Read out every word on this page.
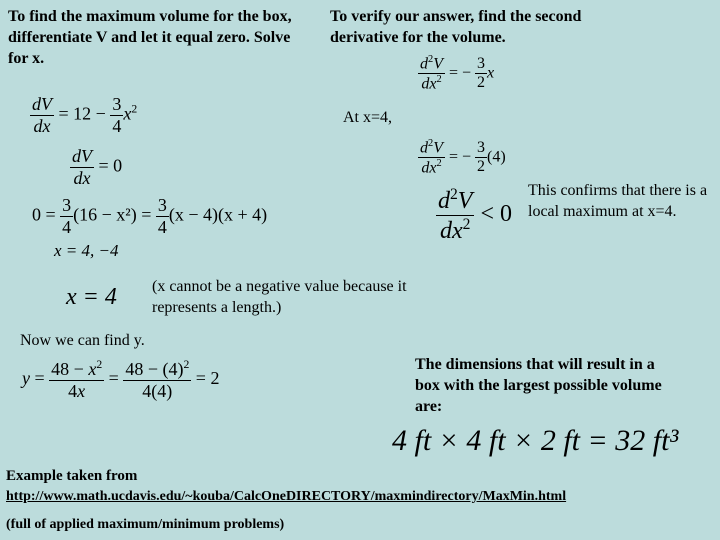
To find the maximum volume for the box, differentiate V and let it equal zero. Solve for x.
To verify our answer, find the second derivative for the volume.
At x=4,
This confirms that there is a local maximum at x=4.
(x cannot be a negative value because it represents a length.)
Now we can find y.
The dimensions that will result in a box with the largest possible volume are:
Example taken from
http://www.math.ucdavis.edu/~kouba/CalcOneDIRECTORY/maxmindirectory/MaxMin.html
(full of applied maximum/minimum problems)
$\frac{dV}{dx} = 12 - \frac{3}{4} x^2$
$\frac{dV}{dx} = 0$
$0 = \frac{3}{4} (16 - x^2) = \frac{3}{4} (x - 4)(x + 4)$
x = 4, −4
x = 4
$\frac{d^2V}{dx^2}$ = − $\frac{3}{2}$ x
$\frac{d^2V}{dx^2}$ = − $\frac{3}{2} (4)$
$\frac{d^2V}{dx^2} < 0$
$y = \frac{48 - x^2}{4x} = \frac{48 - (4)^2}{4(4)} = 2$
4 ft × 4 ft × 2 ft = 32 ft³
